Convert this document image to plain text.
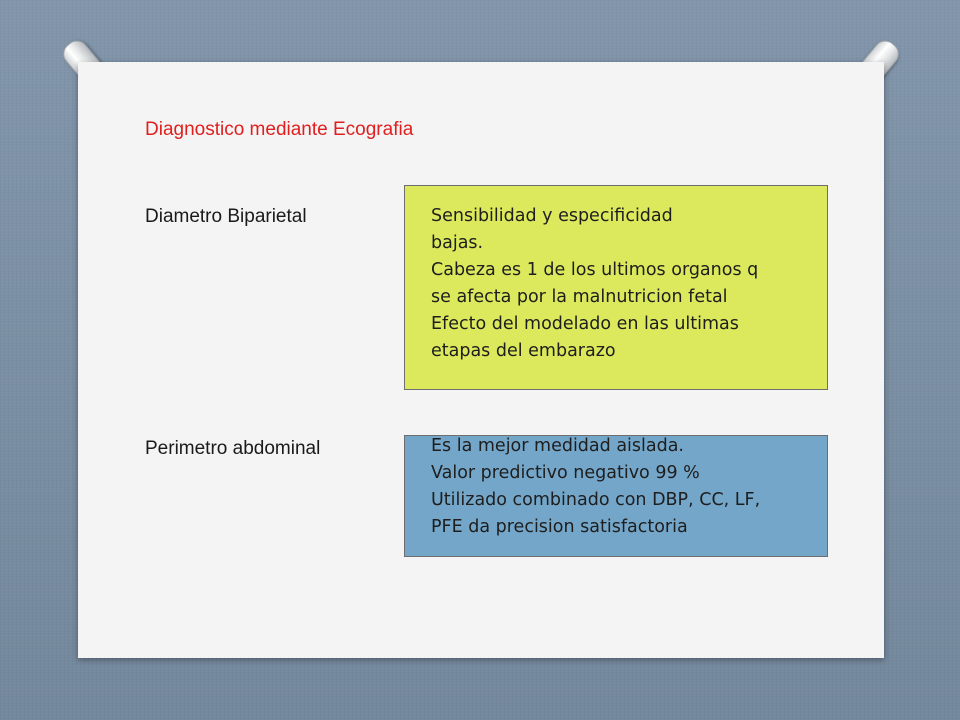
Diagnostico mediante Ecografia
Diametro Biparietal	Sensibilidad y especificidad
bajas.
Cabeza es 1 de los ultimos organos q
se afecta por la malnutricion fetal
Efecto del modelado en las ultimas
etapas del embarazo
Perimetro abdominal	Es la mejor medidad aislada.
Valor predictivo negativo 99 %
Utilizado combinado con DBP, CC, LF,
PFE da precision satisfactoria
